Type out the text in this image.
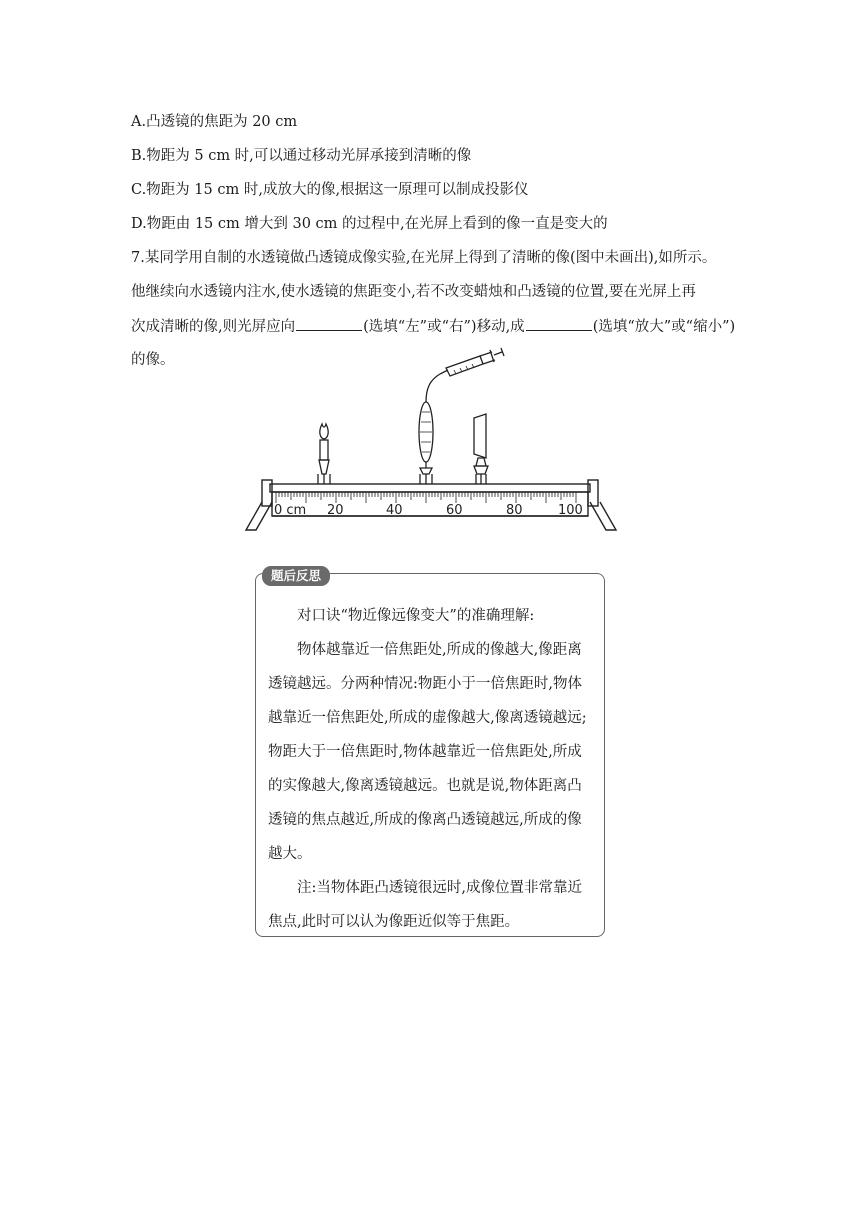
A.凸透镜的焦距为 20 cm
B.物距为 5 cm 时,可以通过移动光屏承接到清晰的像
C.物距为 15 cm 时,成放大的像,根据这一原理可以制成投影仪
D.物距由 15 cm 增大到 30 cm 的过程中,在光屏上看到的像一直是变大的
7.某同学用自制的水透镜做凸透镜成像实验,在光屏上得到了清晰的像(图中未画出),如所示。
他继续向水透镜内注水,使水透镜的焦距变小,若不改变蜡烛和凸透镜的位置,要在光屏上再
次成清晰的像,则光屏应向	(选填“左”或“右”)移动,成	(选填“放大”或“缩小”)
的像。
0 cm 20	40	60	80	100
题后反思
对口诀“物近像远像变大”的准确理解:
物体越靠近一倍焦距处,所成的像越大,像距离
透镜越远。分两种情况:物距小于一倍焦距时,物体
越靠近一倍焦距处,所成的虚像越大,像离透镜越远;
物距大于一倍焦距时,物体越靠近一倍焦距处,所成
的实像越大,像离透镜越远。也就是说,物体距离凸
透镜的焦点越近,所成的像离凸透镜越远,所成的像
越大。
注:当物体距凸透镜很远时,成像位置非常靠近
焦点,此时可以认为像距近似等于焦距。
